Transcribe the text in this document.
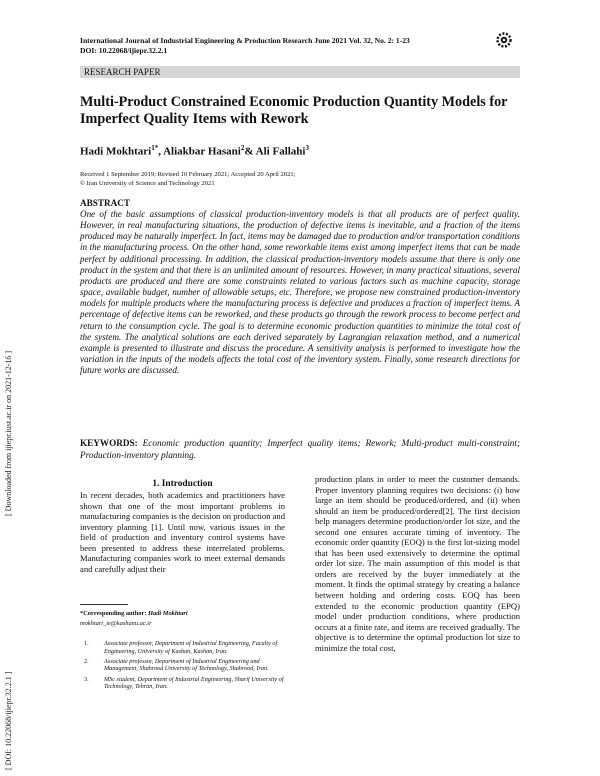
[ Downloaded from ijiepr.iust.ac.ir on 2021-12-16 ]
[ DOI: 10.22068/ijiepr.32.2.1 ]
International Journal of Industrial Engineering & Production Research June 2021 Vol. 32, No. 2: 1-23
DOI: 10.22068/ijiepr.32.2.1
RESEARCH PAPER
Multi-Product Constrained Economic Production Quantity Models for Imperfect Quality Items with Rework
Hadi Mokhtari$^{1*}$, Aliakbar Hasani$^2$& Ali Fallahi$^3$
Received 1 September 2019; Revised 10 February 2021; Accepted 20 April 2021;
© Iran University of Science and Technology 2021
ABSTRACT
One of the basic assumptions of classical production-inventory models is that all products are of perfect quality. However, in real manufacturing situations, the production of defective items is inevitable, and a fraction of the items produced may be naturally imperfect. In fact, items may be damaged due to production and/or transportation conditions in the manufacturing process. On the other hand, some reworkable items exist among imperfect items that can be made perfect by additional processing. In addition, the classical production-inventory models assume that there is only one product in the system and that there is an unlimited amount of resources. However, in many practical situations, several products are produced and there are some constraints related to various factors such as machine capacity, storage space, available budget, number of allowable setups, etc. Therefore, we propose new constrained production-inventory models for multiple products where the manufacturing process is defective and produces a fraction of imperfect items. A percentage of defective items can be reworked, and these products go through the rework process to become perfect and return to the consumption cycle. The goal is to determine economic production quantities to minimize the total cost of the system. The analytical solutions are each derived separately by Lagrangian relaxation method, and a numerical example is presented to illustrate and discuss the procedure. A sensitivity analysis is performed to investigate how the variation in the inputs of the models affects the total cost of the inventory system. Finally, some research directions for future works are discussed.
KEYWORDS: Economic production quantity; Imperfect quality items; Rework; Multi-product multi-constraint; Production-inventory planning.
1. Introduction
In recent decades, both academics and practitioners have shown that one of the most important problems in manufacturing companies is the decision on production and inventory planning [1]. Until now, various issues in the field of production and inventory control systems have been presented to address these interrelated problems. Manufacturing companies work to meet external demands and carefully adjust their
production plans in order to meet the customer demands. Proper inventory planning requires two decisions: (i) how large an item should be produced/ordered, and (ii) when should an item be produced/ordered[2]. The first decision help managers determine production/order lot size, and the second one ensures accurate timing of inventory. The economic order quantity (EOQ) is the first lot-sizing model that has been used extensively to determine the optimal order lot size. The main assumption of this model is that orders are received by the buyer immediately at the moment. It finds the optimal strategy by creating a balance between holding and ordering costs. EOQ has been extended to the economic production quantity (EPQ) model under production conditions, where production occurs at a finite rate, and items are received gradually. The objective is to determine the optimal production lot size to minimize the total cost,
*Corresponding author: Hadi Mokhtari
mokhtari_ie@kashanu.ac.ir
1.	Associate professor, Department of Industrial Engineering, Faculty of Engineering, University of Kashan, Kashan, Iran.
2.	Associate professor, Department of Industrial Engineering and Management, Shahrood University of Technology, Shahrood, Iran.
3.	MSc student, Department of Industrial Engineering, Sharif University of Technology, Tehran, Iran.
